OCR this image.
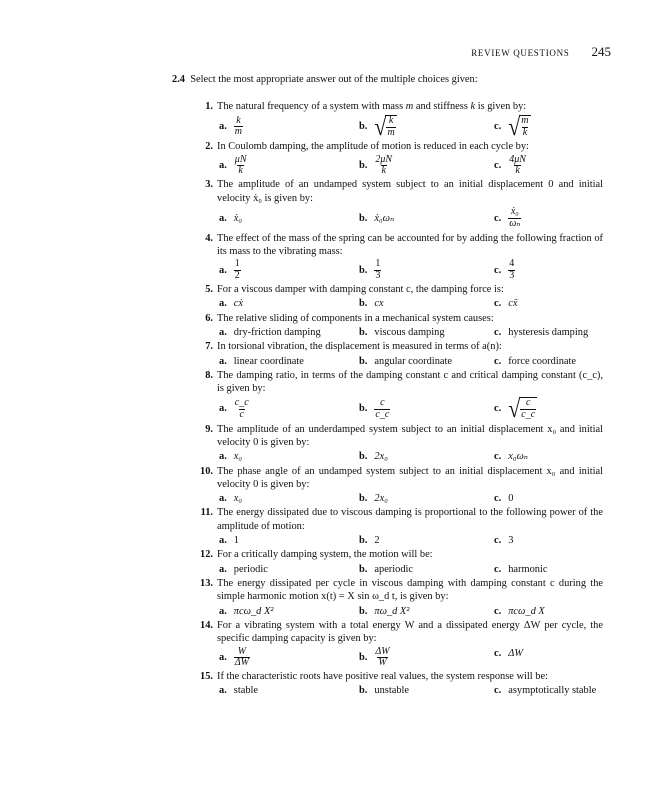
REVIEW QUESTIONS 245
2.4 Select the most appropriate answer out of the multiple choices given:
1. The natural frequency of a system with mass m and stiffness k is given by:
a. $\frac{k}{m}$	b. √ $\frac{k}{m}$	c. √ $\frac{m}{k}$
2. In Coulomb damping, the amplitude of motion is reduced in each cycle by:
a. $\frac{\mu N}{k}$	b. $\frac{2\mu N}{k}$	c. $\frac{4\mu N}{k}$
3. The amplitude of an undamped system subject to an initial displacement 0 and initial velocity ẋ₀ is given by:
a. ẋ₀	b. ẋ₀ωₙ	c. $\frac{\text{ẋ₀}}{\text{ωₙ}}$
4. The effect of the mass of the spring can be accounted for by adding the following fraction of its mass to the vibrating mass:
a. $\frac{1}{2}$	b. $\frac{1}{3}$	c. $\frac{4}{3}$
5. For a viscous damper with damping constant c, the damping force is:
a. cẋ	b. cx	c. cẍ
6. The relative sliding of components in a mechanical system causes:
a. dry-friction damping	b. viscous damping	c. hysteresis damping
7. In torsional vibration, the displacement is measured in terms of a(n):
a. linear coordinate	b. angular coordinate	c. force coordinate
8. The damping ratio, in terms of the damping constant c and critical damping constant (c_c), is given by:
a. $\frac{c\_c}{c}$	b. $\frac{c}{c\_c}$	c. √ $\frac{c}{c\_c}$
9. The amplitude of an underdamped system subject to an initial displacement x₀ and initial velocity 0 is given by:
a. x₀	b. 2x₀	c. x₀ωₙ
10. The phase angle of an undamped system subject to an initial displacement x₀ and initial velocity 0 is given by:
a. x₀	b. 2x₀	c. 0
11. The energy dissipated due to viscous damping is proportional to the following power of the amplitude of motion:
a. 1	b. 2	c. 3
12. For a critically damping system, the motion will be:
a. periodic	b. aperiodic	c. harmonic
13. The energy dissipated per cycle in viscous damping with damping constant c during the simple harmonic motion x(t) = X sin ω_d t, is given by:
a. πcω_d X²	b. πω_d X²	c. πcω_d X
14. For a vibrating system with a total energy W and a dissipated energy ΔW per cycle, the specific damping capacity is given by:
a. $\frac{W}{\Delta W}$	b. $\frac{\Delta W}{W}$	c. ΔW
15. If the characteristic roots have positive real values, the system response will be:
a. stable	b. unstable	c. asymptotically stable
